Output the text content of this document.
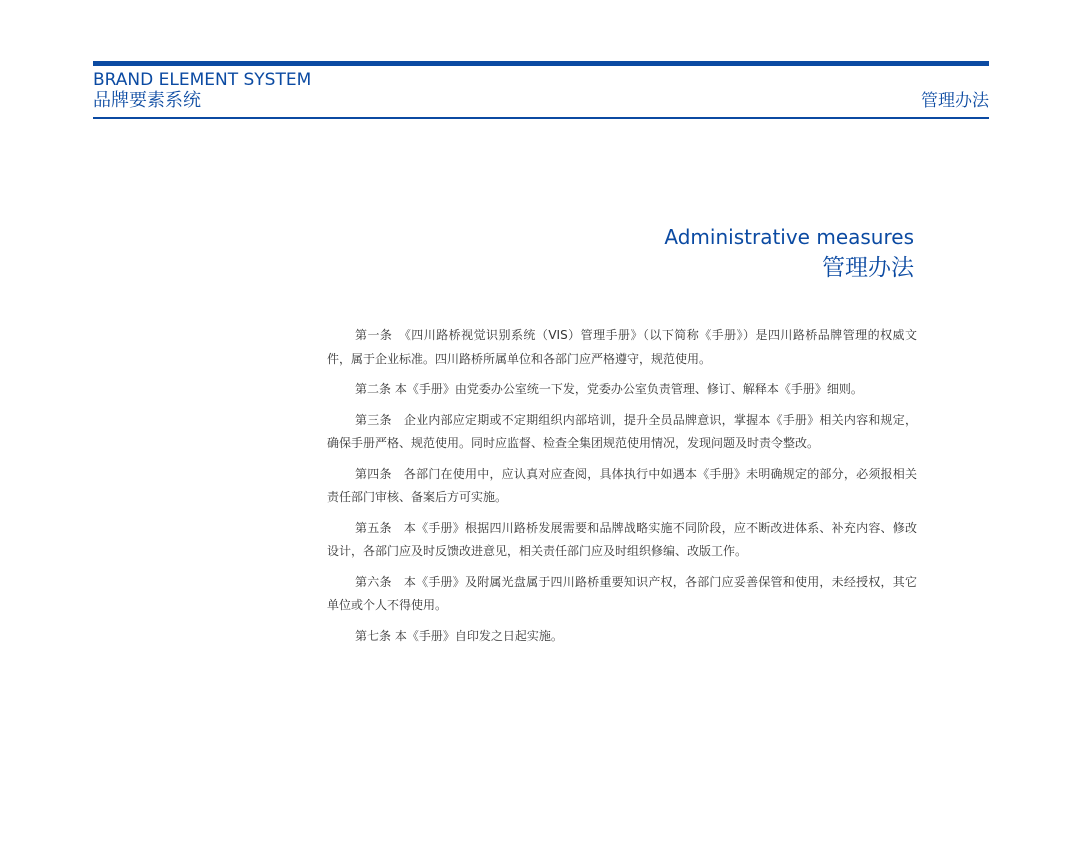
BRAND ELEMENT SYSTEM
品牌要素系统	管理办法
Administrative measures
管理办法

第一条　《四川路桥视觉识别系统（VIS）管理手册》（以下简称《手册》）是四川路桥品牌管理的权威文件，属于企业标准。四川路桥所属单位和各部门应严格遵守，规范使用。

第二条 本《手册》由党委办公室统一下发，党委办公室负责管理、修订、解释本《手册》细则。

第三条　企业内部应定期或不定期组织内部培训，提升全员品牌意识，掌握本《手册》相关内容和规定，确保手册严格、规范使用。同时应监督、检查全集团规范使用情况，发现问题及时责令整改。

第四条　各部门在使用中，应认真对应查阅，具体执行中如遇本《手册》未明确规定的部分，必须报相关责任部门审核、备案后方可实施。

第五条　本《手册》根据四川路桥发展需要和品牌战略实施不同阶段，应不断改进体系、补充内容、修改设计，各部门应及时反馈改进意见，相关责任部门应及时组织修编、改版工作。

第六条　本《手册》及附属光盘属于四川路桥重要知识产权，各部门应妥善保管和使用，未经授权，其它单位或个人不得使用。

第七条 本《手册》自印发之日起实施。
